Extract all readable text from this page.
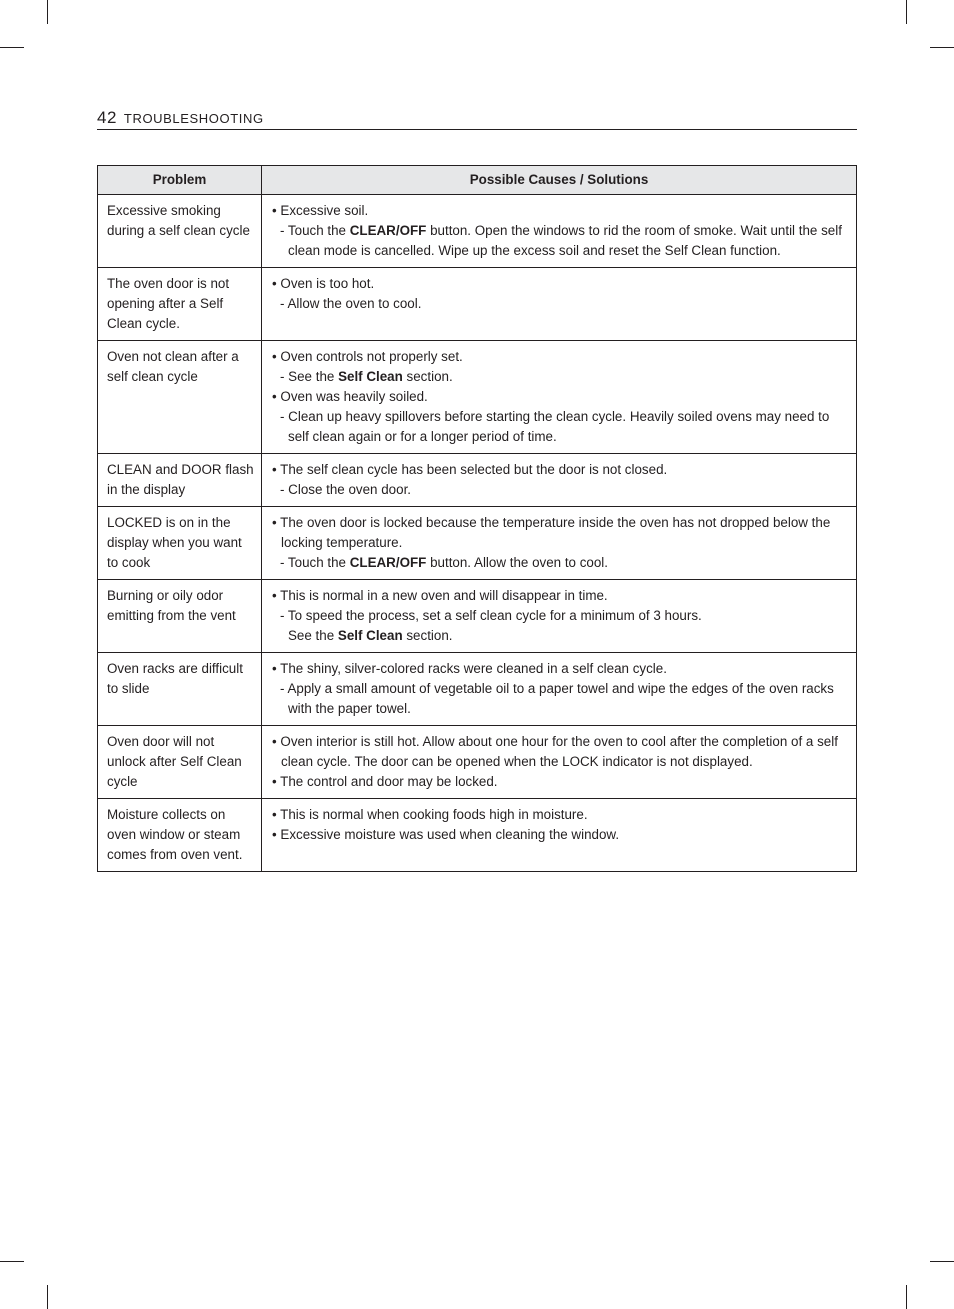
42 TROUBLESHOOTING
Problem	Possible Causes / Solutions
Excessive smoking during a self clean cycle	• Excessive soil.
- Touch the CLEAR/OFF button. Open the windows to rid the room of smoke. Wait until the self clean mode is cancelled. Wipe up the excess soil and reset the Self Clean function.

The oven door is not opening after a Self Clean cycle.	• Oven is too hot.
- Allow the oven to cool.

Oven not clean after a self clean cycle	• Oven controls not properly set.
- See the Self Clean section.
• Oven was heavily soiled.
- Clean up heavy spillovers before starting the clean cycle. Heavily soiled ovens may need to self clean again or for a longer period of time.

CLEAN and DOOR flash in the display	• The self clean cycle has been selected but the door is not closed.
- Close the oven door.

LOCKED is on in the display when you want to cook	• The oven door is locked because the temperature inside the oven has not dropped below the locking temperature.
- Touch the CLEAR/OFF button. Allow the oven to cool.

Burning or oily odor emitting from the vent	• This is normal in a new oven and will disappear in time.
- To speed the process, set a self clean cycle for a minimum of 3 hours.
See the Self Clean section.

Oven racks are difficult to slide	• The shiny, silver-colored racks were cleaned in a self clean cycle.
- Apply a small amount of vegetable oil to a paper towel and wipe the edges of the oven racks with the paper towel.

Oven door will not unlock after Self Clean cycle	• Oven interior is still hot. Allow about one hour for the oven to cool after the completion of a self clean cycle. The door can be opened when the LOCK indicator is not displayed.
• The control and door may be locked.

Moisture collects on oven window or steam comes from oven vent.	• This is normal when cooking foods high in moisture.
• Excessive moisture was used when cleaning the window.
